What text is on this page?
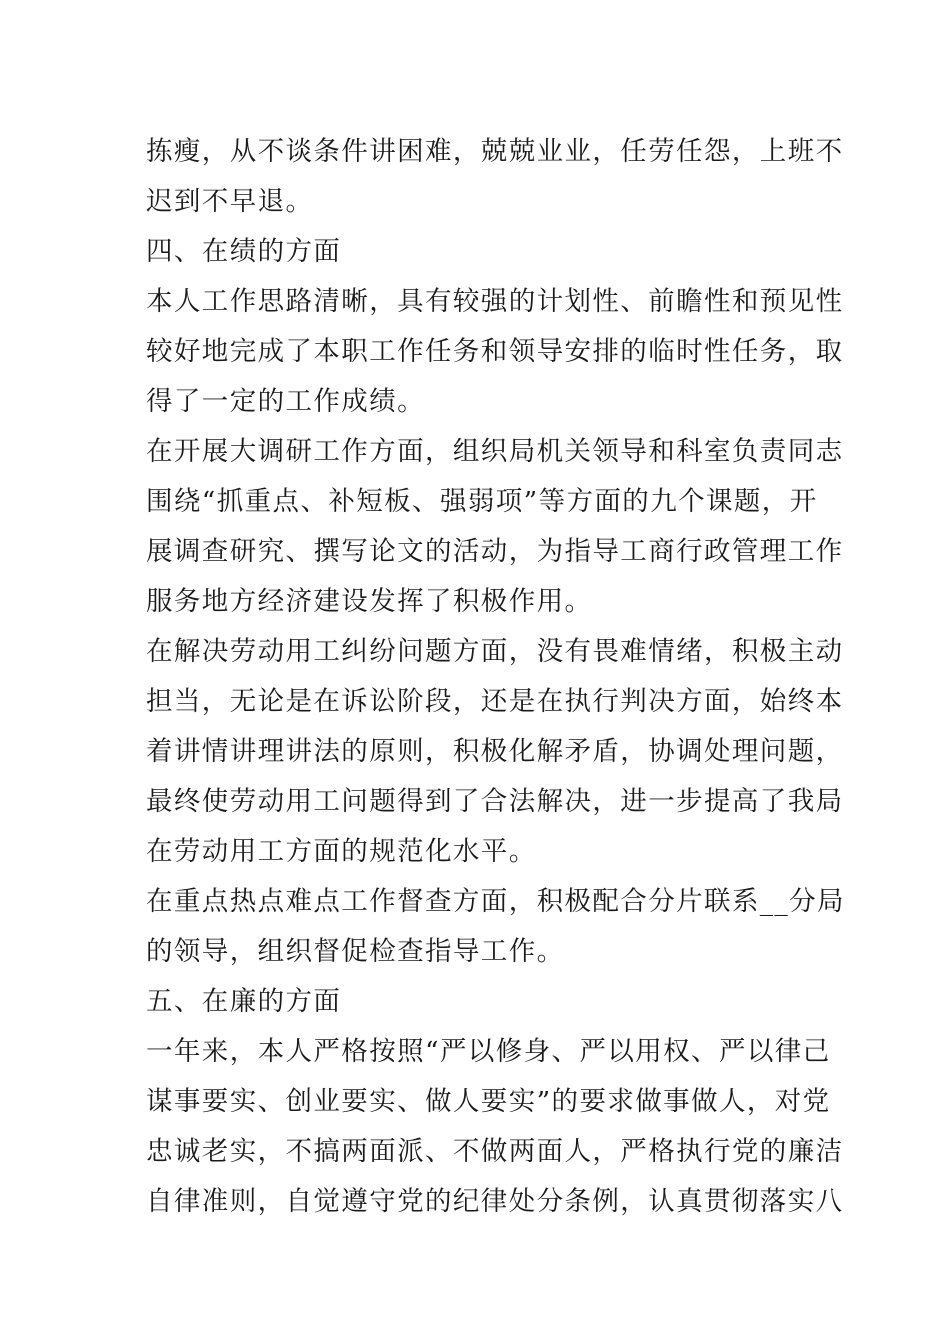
拣瘦，从不谈条件讲困难，兢兢业业，任劳任怨，上班不
迟到不早退。
四、在绩的方面
本人工作思路清晰，具有较强的计划性、前瞻性和预见性
较好地完成了本职工作任务和领导安排的临时性任务，取
得了一定的工作成绩。
在开展大调研工作方面，组织局机关领导和科室负责同志
围绕“抓重点、补短板、强弱项”等方面的九个课题，开
展调查研究、撰写论文的活动，为指导工商行政管理工作
服务地方经济建设发挥了积极作用。
在解决劳动用工纠纷问题方面，没有畏难情绪，积极主动
担当，无论是在诉讼阶段，还是在执行判决方面，始终本
着讲情讲理讲法的原则，积极化解矛盾，协调处理问题，
最终使劳动用工问题得到了合法解决，进一步提高了我局
在劳动用工方面的规范化水平。
在重点热点难点工作督查方面，积极配合分片联系__分局
的领导，组织督促检查指导工作。
五、在廉的方面
一年来，本人严格按照“严以修身、严以用权、严以律己
谋事要实、创业要实、做人要实”的要求做事做人，对党
忠诚老实，不搞两面派、不做两面人，严格执行党的廉洁
自律准则，自觉遵守党的纪律处分条例，认真贯彻落实八
